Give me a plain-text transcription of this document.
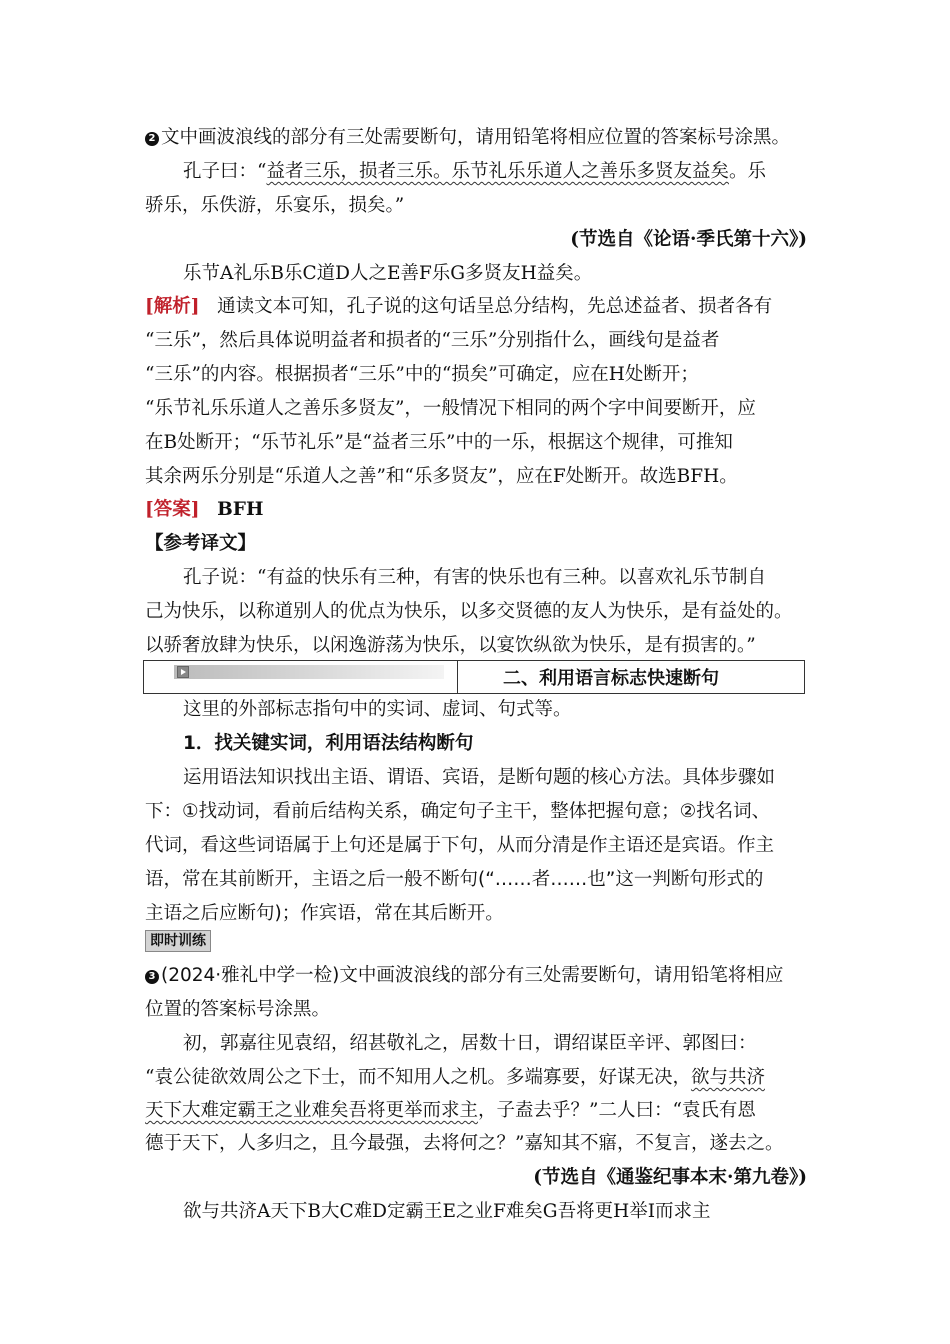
2 文中画波浪线的部分有三处需要断句，请用铅笔将相应位置的答案标号涂黑。
孔子曰：“益者三乐，损者三乐。乐节礼乐乐道人之善乐多贤友益矣。乐
骄乐，乐佚游，乐宴乐，损矣。”
(节选自《论语·季氏第十六》)
乐节A礼乐B乐C道D人之E善F乐G多贤友H益矣。
[解析] 通读文本可知，孔子说的这句话呈总分结构，先总述益者、损者各有
“三乐”，然后具体说明益者和损者的“三乐”分别指什么，画线句是益者
“三乐”的内容。根据损者“三乐”中的“损矣”可确定，应在H处断开；
“乐节礼乐乐道人之善乐多贤友”，一般情况下相同的两个字中间要断开，应
在B处断开；“乐节礼乐”是“益者三乐”中的一乐，根据这个规律，可推知
其余两乐分别是“乐道人之善”和“乐多贤友”，应在F处断开。故选BFH。
[答案] BFH
【参考译文】
孔子说：“有益的快乐有三种，有害的快乐也有三种。以喜欢礼乐节制自
己为快乐，以称道别人的优点为快乐，以多交贤德的友人为快乐，是有益处的。
以骄奢放肆为快乐，以闲逸游荡为快乐，以宴饮纵欲为快乐，是有损害的。”
二、利用语言标志快速断句
这里的外部标志指句中的实词、虚词、句式等。
1．找关键实词，利用语法结构断句
运用语法知识找出主语、谓语、宾语，是断句题的核心方法。具体步骤如
下：①找动词，看前后结构关系，确定句子主干，整体把握句意；②找名词、
代词，看这些词语属于上句还是属于下句，从而分清是作主语还是宾语。作主
语，常在其前断开，主语之后一般不断句(“……者……也”这一判断句形式的
主语之后应断句)；作宾语，常在其后断开。
即时训练
3 (2024·雅礼中学一检)文中画波浪线的部分有三处需要断句，请用铅笔将相应
位置的答案标号涂黑。
初，郭嘉往见袁绍，绍甚敬礼之，居数十日，谓绍谋臣辛评、郭图曰：
“袁公徒欲效周公之下士，而不知用人之机。多端寡要，好谋无决，欲与共济
天下大难定霸王之业难矣吾将更举而求主，子盍去乎？”二人曰：“袁氏有恩
德于天下，人多归之，且今最强，去将何之？”嘉知其不寤，不复言，遂去之。
(节选自《通鉴纪事本末·第九卷》)
欲与共济A天下B大C难D定霸王E之业F难矣G吾将更H举I而求主
